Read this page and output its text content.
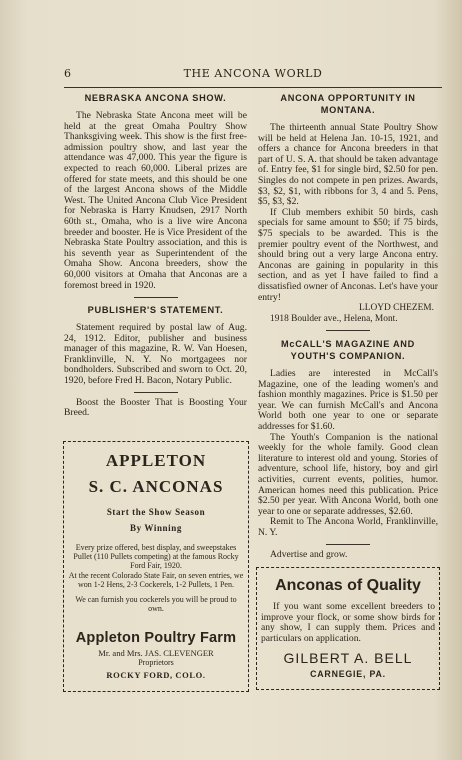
6	THE ANCONA WORLD
NEBRASKA ANCONA SHOW.

The Nebraska State Ancona meet will be held at the great Omaha Poultry Show Thanksgiving week. This show is the first free-admission poultry show, and last year the attendance was 47,000. This year the figure is expected to reach 60,000. Liberal prizes are offered for state meets, and this should be one of the largest Ancona shows of the Middle West. The United Ancona Club Vice President for Nebraska is Harry Knudsen, 2917 North 60th st., Omaha, who is a live wire Ancona breeder and booster. He is Vice President of the Nebraska State Poultry association, and this is his seventh year as Superintendent of the Omaha Show. Ancona breeders, show the 60,000 visitors at Omaha that Anconas are a foremost breed in 1920.

PUBLISHER'S STATEMENT.

Statement required by postal law of Aug. 24, 1912. Editor, publisher and business manager of this magazine, R. W. Van Hoesen, Franklinville, N. Y. No mortgagees nor bondholders. Subscribed and sworn to Oct. 20, 1920, before Fred H. Bacon, Notary Public.

Boost the Booster That is Boosting Your Breed.

APPLETON
S. C. ANCONAS
Start the Show Season
By Winning

Every prize offered, best display, and sweepstakes Pullet (110 Pullets competing) at the famous Rocky Ford Fair, 1920.

At the recent Colorado State Fair, on seven entries, we won 1-2 Hens, 2-3 Cockerels, 1-2 Pullets, 1 Pen.

We can furnish you cockerels you will be proud to own.

Appleton Poultry Farm
Mr. and Mrs. JAS. CLEVENGER
Proprietors
ROCKY FORD, COLO.
ANCONA OPPORTUNITY IN MONTANA.

The thirteenth annual State Poultry Show will be held at Helena Jan. 10-15, 1921, and offers a chance for Ancona breeders in that part of U. S. A. that should be taken advantage of. Entry fee, $1 for single bird, $2.50 for pen. Singles do not compete in pen prizes. Awards, $3, $2, $1, with ribbons for 3, 4 and 5. Pens, $5, $3, $2.

If Club members exhibit 50 birds, cash specials for same amount to $50; if 75 birds, $75 specials to be awarded. This is the premier poultry event of the Northwest, and should bring out a very large Ancona entry. Anconas are gaining in popularity in this section, and as yet I have failed to find a dissatisfied owner of Anconas. Let's have your entry!

LLOYD CHEZEM.
1918 Boulder ave., Helena, Mont.
McCALL'S MAGAZINE AND YOUTH'S COMPANION.

Ladies are interested in McCall's Magazine, one of the leading women's and fashion monthly magazines. Price is $1.50 per year. We can furnish McCall's and Ancona World both one year to one or separate addresses for $1.60.

The Youth's Companion is the national weekly for the whole family. Good clean literature to interest old and young. Stories of adventure, school life, history, boy and girl activities, current events, polities, humor. American homes need this publication. Price $2.50 per year. With Ancona World, both one year to one or separate addresses, $2.60.

Remit to The Ancona World, Franklinville, N. Y.

Advertise and grow.

Anconas of Quality

If you want some excellent breeders to improve your flock, or some show birds for any show, I can supply them. Prices and particulars on application.

GILBERT A. BELL
CARNEGIE, PA.
